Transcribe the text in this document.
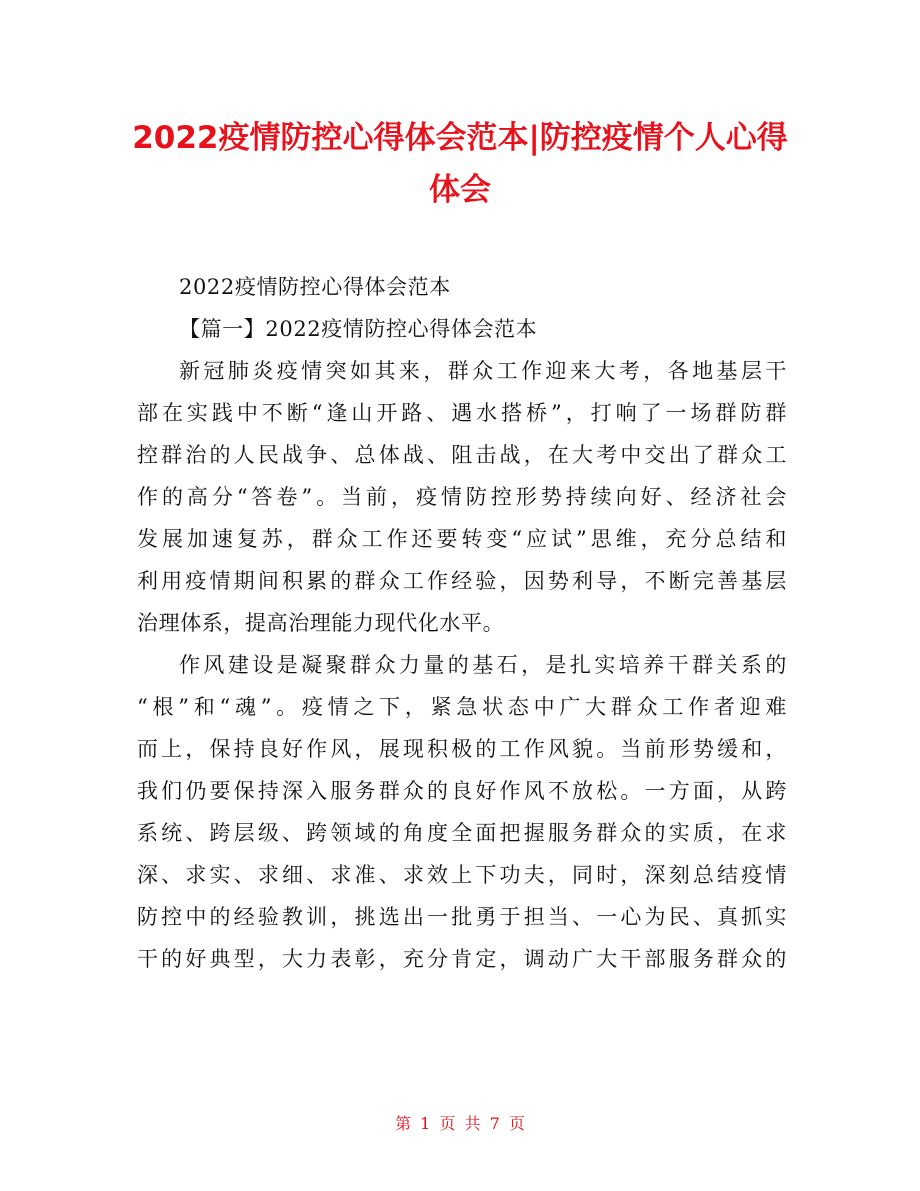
2022疫情防控心得体会范本|防控疫情个人心得体会

2022疫情防控心得体会范本

【篇一】2022疫情防控心得体会范本

新冠肺炎疫情突如其来，群众工作迎来大考，各地基层干
部在实践中不断“逢山开路、遇水搭桥”，打响了一场群防群
控群治的人民战争、总体战、阻击战，在大考中交出了群众工
作的高分“答卷”。当前，疫情防控形势持续向好、经济社会
发展加速复苏，群众工作还要转变“应试”思维，充分总结和
利用疫情期间积累的群众工作经验，因势利导，不断完善基层
治理体系，提高治理能力现代化水平。

作风建设是凝聚群众力量的基石，是扎实培养干群关系的
“根”和“魂”。疫情之下，紧急状态中广大群众工作者迎难
而上，保持良好作风，展现积极的工作风貌。当前形势缓和，
我们仍要保持深入服务群众的良好作风不放松。一方面，从跨
系统、跨层级、跨领域的角度全面把握服务群众的实质，在求
深、求实、求细、求准、求效上下功夫，同时，深刻总结疫情
防控中的经验教训，挑选出一批勇于担当、一心为民、真抓实
干的好典型，大力表彰，充分肯定，调动广大干部服务群众的

第 1 页 共 7 页
